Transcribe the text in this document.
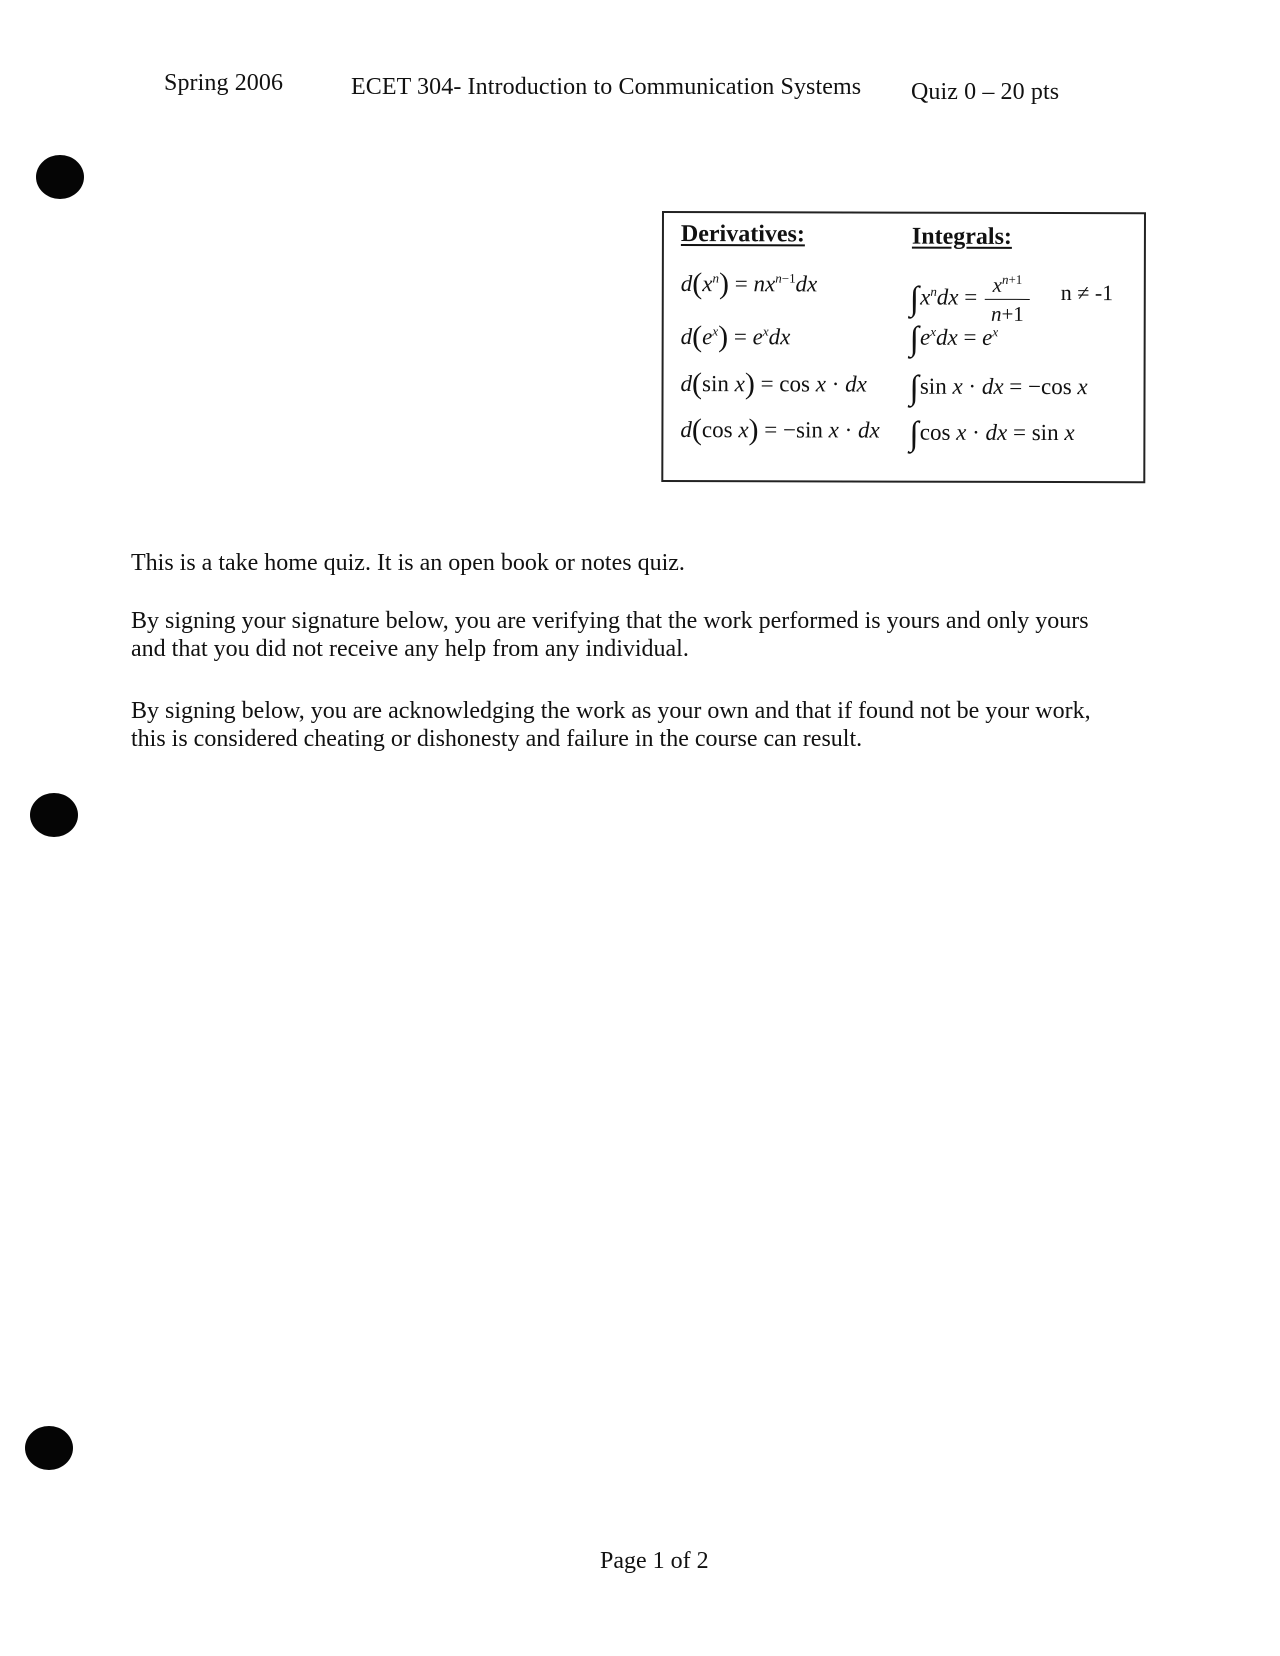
Spring 2006	ECET 304- Introduction to Communication Systems Quiz 0 – 20 pts
Derivatives:	Integrals:
$d(x^n) = nx^{n-1}dx$
$d(e^x) = e^xdx$
d(sin x) = cos x · dx
d(cos x) = −sin x · dx
$\int x^ndx = \frac{x^{n+1}}{n+1}$ n ≠ -1
$\int e^xdx = e^x$
∫sin x · dx = −cos x
∫cos x · dx = sin x
This is a take home quiz. It is an open book or notes quiz.
By signing your signature below, you are verifying that the work performed is yours and only yours
and that you did not receive any help from any individual.
By signing below, you are acknowledging the work as your own and that if found not be your work,
this is considered cheating or dishonesty and failure in the course can result.
Page 1 of 2
